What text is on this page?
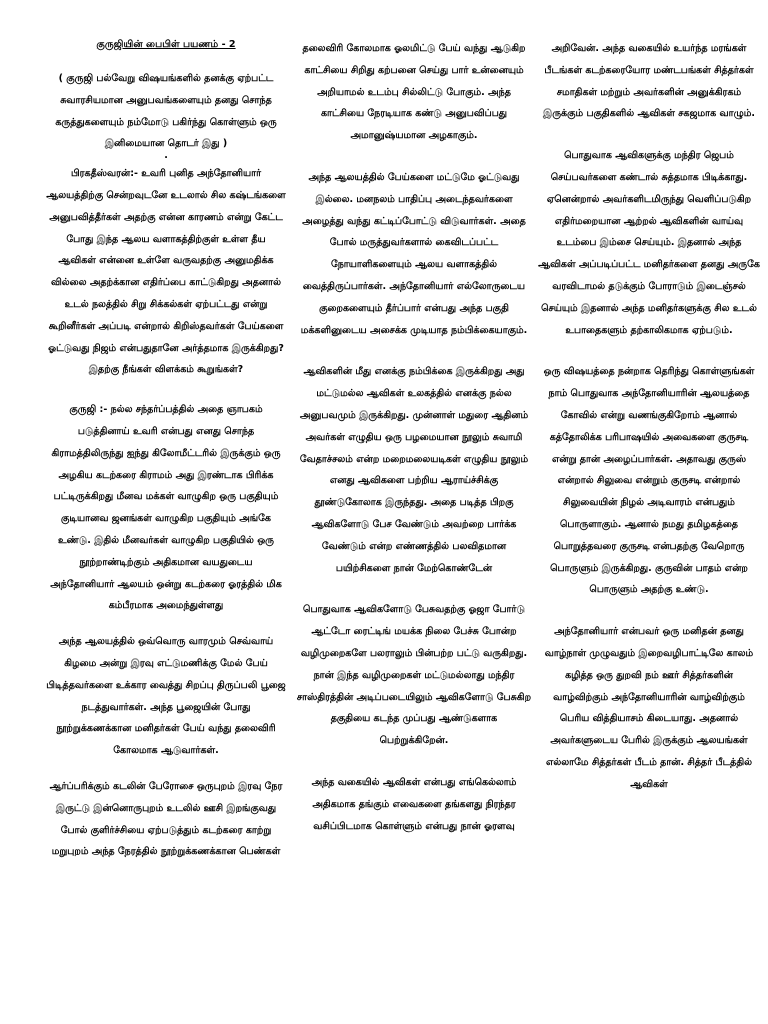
குருஜியின் பைபிள் பயணம் - 2

( குருஜி பல்வேறு விஷயங்களில் தனக்கு ஏற்பட்ட சுவாரசியமான அனுபவங்களையும் தனது சொந்த கருத்துகளையும் நம்மோடு பகிர்ந்து கொள்ளும் ஒரு இனிமையான தொடர் இது )

.

பிரகதீஸ்வரன்:- உவரி புனித அந்தோனியார் ஆலயத்திற்கு சென்றவுடனே உடலால் சில கஷ்டங்களை அனுபவித்தீர்கள் அதற்கு என்ன காரணம் என்று கேட்ட போது இந்த ஆலய வளாகத்திற்குள் உள்ள தீய ஆவிகள் என்னை உள்ளே வருவதற்கு அனுமதிக்க வில்லை அதற்க்கான எதிர்ப்பை காட்டுகிறது அதனால் உடல் நலத்தில் சிறு சிக்கல்கள் ஏற்பட்டது என்று கூறினீர்கள் அப்படி என்றால் கிறிஸ்தவர்கள் பேய்களை ஓட்டுவது நிஜம் என்பதுதானே அர்த்தமாக இருக்கிறது? இதற்கு நீங்கள் விளக்கம் கூறுங்கள்?

குருஜி :- நல்ல சந்தர்ப்பத்தில் அதை ஞாபகம் படுத்தினாய் உவரி என்பது எனது சொந்த கிராமத்திலிருந்து ஐந்து கிலோமீட்டரில் இருக்கும் ஒரு அழகிய கடற்கரை கிராமம் அது இரண்டாக பிரிக்க பட்டிருக்கிறது மீனவ மக்கள் வாழுகிற ஒரு பகுதியும் குடியானவ ஜனங்கள் வாழுகிற பகுதியும் அங்கே உண்டு. இதில் மீனவர்கள் வாழுகிற பகுதியில் ஒரு நூற்றாண்டிற்கும் அதிகமான வயதுடைய அந்தோனியார் ஆலயம் ஒன்று கடற்கரை ஓரத்தில் மிக கம்பீரமாக அமைந்துள்ளது

அந்த ஆலயத்தில் ஒவ்வொரு வாரமும் செவ்வாய் கிழமை அன்று இரவு எட்டுமணிக்கு மேல் பேய் பிடித்தவர்களை உக்கார வைத்து சிறப்பு திருப்பலி பூஜை நடத்துவார்கள். அந்த பூஜையின் போது நூற்றுக்கணக்கான மனிதர்கள் பேய் வந்து தலைவிரி கோலமாக ஆடுவார்கள்.

ஆர்ப்பரிக்கும் கடலின் பேரோசை ஒருபுறம் இரவு நேர இருட்டு இன்னொருபுறம் உடலில் ஊசி இறங்குவது போல் குளிர்ச்சியை ஏற்படுத்தும் கடற்கரை காற்று மறுபுறம் அந்த நேரத்தில் நூற்றுக்கணக்கான பெண்கள்

தலைவிரி கோலமாக ஓலமிட்டு பேய் வந்து ஆடுகிற காட்சியை சிறிது கற்பனை செய்து பார் உன்னையும் அறியாமல் உடம்பு சில்லிட்டு போகும். அந்த காட்சியை நேரடியாக கண்டு அனுபவிப்பது அமானுஷ்யமான அழகாகும்.

அந்த ஆலயத்தில் பேய்களை மட்டுமே ஓட்டுவது இல்லை. மனநலம் பாதிப்பு அடைந்தவர்களை அழைத்து வந்து கட்டிப்போட்டு விடுவார்கள். அதை போல் மருத்துவர்களால் கைவிடப்பட்ட நோயாளிகளையும் ஆலய வளாகத்தில் வைத்திருப்பார்கள். அந்தோனியார் எல்லோருடைய குறைகளையும் தீர்ப்பார் என்பது அந்த பகுதி மக்களினுடைய அசைக்க முடியாத நம்பிக்கையாகும்.

ஆவிகளின் மீது எனக்கு நம்பிக்கை இருக்கிறது அது மட்டுமல்ல ஆவிகள் உலகத்தில் எனக்கு நல்ல அனுபவமும் இருக்கிறது. முன்னாள் மதுரை ஆதினம் அவர்கள் எழுதிய ஒரு பழமையான நூலும் சுவாமி வேதாச்சலம் என்ற மறைமலையடிகள் எழுதிய நூலும் எனது ஆவிகளை பற்றிய ஆராய்ச்சிக்கு தூண்டுகோலாக இருந்தது. அதை படித்த பிறகு ஆவிகளோடு பேச வேண்டும் அவற்றை பார்க்க வேண்டும் என்ற எண்ணத்தில் பலவிதமான பயிற்சிகளை நான் மேற்கொண்டேன்

பொதுவாக ஆவிகளோடு பேசுவதற்கு ஓஜா போர்டு ஆட்டோ ரைட்டிங் மயக்க நிலை பேச்சு போன்ற வழிமுறைகளே பலராலும் பின்பற்ற பட்டு வருகிறது. நான் இந்த வழிமுறைகள் மட்டுமல்லாது மந்திர சாஸ்திரத்தின் அடிப்படையிலும் ஆவிகளோடு பேசுகிற தகுதியை கடந்த முப்பது ஆண்டுகளாக பெற்றுக்கிறேன்.

அந்த வகையில் ஆவிகள் என்பது எங்கெல்லாம் அதிகமாக தங்கும் எவைகளை தங்களது நிரந்தர வசிப்பிடமாக கொள்ளும் என்பது நான் ஓரளவு

அறிவேன். அந்த வகையில் உயர்ந்த மரங்கள் பீடங்கள் கடற்கரையோர மண்டபங்கள் சித்தர்கள் சமாதிகள் மற்றும் அவர்களின் அனுக்கிரகம் இருக்கும் பகுதிகளில் ஆவிகள் சகஜமாக வாழும்.

பொதுவாக ஆவிகளுக்கு மந்திர ஜெபம் செய்பவர்களை கண்டால் சுத்தமாக பிடிக்காது. ஏனென்றால் அவர்களிடமிருந்து வெளிப்படுகிற எதிர்மறையான ஆற்றல் ஆவிகளின் வாய்வு உடம்பை இம்சை செய்யும். இதனால் அந்த ஆவிகள் அப்படிப்பட்ட மனிதர்களை தனது அருகே வரவிடாமல் தடுக்கும் போராடும் இடைஞ்சல் செய்யும் இதனால் அந்த மனிதர்களுக்கு சில உடல் உபாதைகளும் தற்காலிகமாக ஏற்படும்.

ஒரு விஷயத்தை நன்றாக தெரிந்து கொள்ளுங்கள் நாம் பொதுவாக அந்தோனியாரின் ஆலயத்தை கோவில் என்று வணங்குகிறோம் ஆனால் கத்தோலிக்க பரிபாஷயில் அவைகளை குருசடி என்று தான் அழைப்பார்கள். அதாவது குருஸ் என்றால் சிலுவை என்றும் குருசடி என்றால் சிலுவையின் நிழல் அடிவாரம் என்பதும் பொருளாகும். ஆனால் நமது தமிழகத்தை பொறுத்தவரை குருசடி என்பதற்கு வேறொரு பொருளும் இருக்கிறது. குருவின் பாதம் என்ற பொருளும் அதற்கு உண்டு.

அந்தோனியார் என்பவர் ஒரு மனிதன் தனது வாழ்நாள் முழுவதும் இறைவழிபாட்டிலே காலம் கழித்த ஒரு துறவி நம் ஊர் சித்தர்களின் வாழ்விற்கும் அந்தோனியாரின் வாழ்விற்கும் பெரிய வித்தியாசம் கிடையாது. அதனால் அவர்களுடைய பேரில் இருக்கும் ஆலயங்கள் எல்லாமே சித்தர்கள் பீடம் தான். சித்தர் பீடத்தில் ஆவிகள்
